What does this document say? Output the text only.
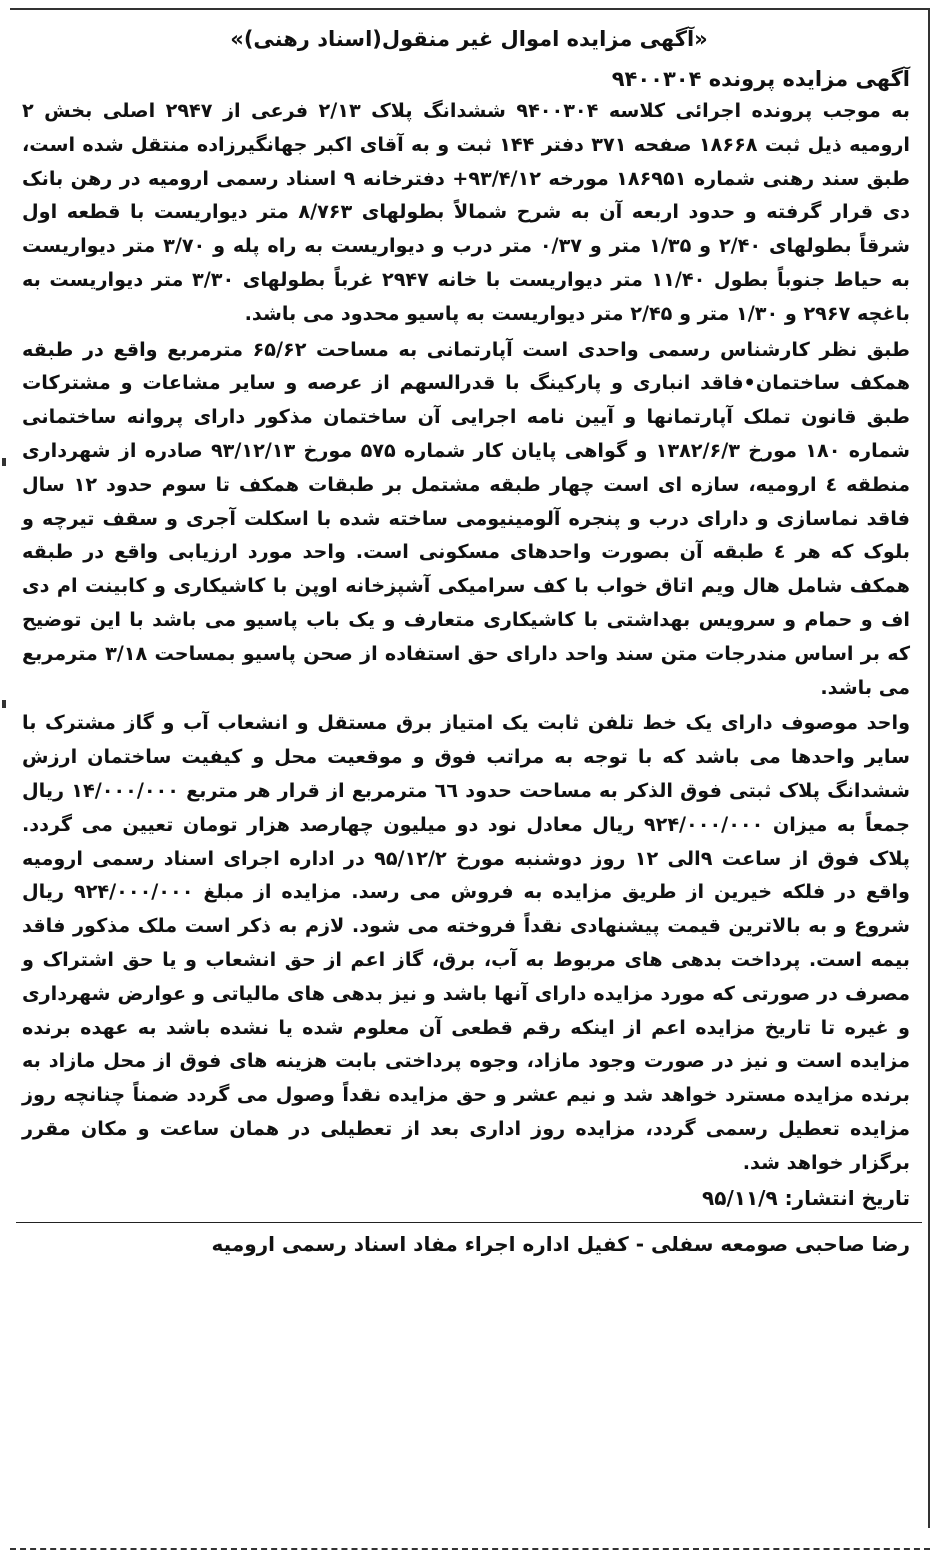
«آگهی مزایده اموال غیر منقول(اسناد رهنی)»
آگهی مزایده پرونده ۹۴۰۰۳۰۴
به موجب پرونده اجرائی کلاسه ۹۴۰۰۳۰۴ ششدانگ پلاک ۲/۱۳ فرعی از ۲۹۴۷ اصلی بخش ۲ ارومیه ذیل ثبت ۱۸۶۶۸ صفحه ۳۷۱ دفتر ۱۴۴ ثبت و به آقای اکبر جهانگیرزاده منتقل شده است، طبق سند رهنی شماره ۱۸۶۹۵۱ مورخه ۹۳/۴/۱۲+ دفترخانه ۹ اسناد رسمی ارومیه در رهن بانک دی قرار گرفته و حدود اربعه آن به شرح شمالاً بطولهای ۸/۷۶۳ متر دیواریست با قطعه اول شرقاً بطولهای ۲/۴۰ و ۱/۳۵ متر و ۰/۳۷ متر درب و دیواریست به راه پله و ۳/۷۰ متر دیواریست به حیاط جنوباً بطول ۱۱/۴۰ متر دیواریست با خانه ۲۹۴۷ غرباً بطولهای ۳/۳۰ متر دیواریست به باغچه ۲۹۶۷ و ۱/۳۰ متر و ۲/۴۵ متر دیواریست به پاسیو محدود می باشد.
طبق نظر کارشناس رسمی واحدی است آپارتمانی به مساحت ۶۵/۶۲ مترمربع واقع در طبقه همکف ساختمان•فاقد انباری و پارکینگ با قدرالسهم از عرصه و سایر مشاعات و مشترکات طبق قانون تملک آپارتمانها و آیین نامه اجرایی آن ساختمان مذکور دارای پروانه ساختمانی شماره ۱۸۰ مورخ ۱۳۸۲/۶/۳ و گواهی پایان کار شماره ۵۷۵ مورخ ۹۳/۱۲/۱۳ صادره از شهرداری منطقه ٤ ارومیه، سازه ای است چهار طبقه مشتمل بر طبقات همکف تا سوم حدود ۱۲ سال فاقد نماسازی و دارای درب و پنجره آلومینیومی ساخته شده با اسکلت آجری و سقف تیرچه و بلوک که هر ٤ طبقه آن بصورت واحدهای مسکونی است. واحد مورد ارزیابی واقع در طبقه همکف شامل هال ویم اتاق خواب با کف سرامیکی آشپزخانه اوپن با کاشیکاری و کابینت ام دی اف و حمام و سرویس بهداشتی با کاشیکاری متعارف و یک باب پاسیو می باشد با این توضیح که بر اساس مندرجات متن سند واحد دارای حق استفاده از صحن پاسیو بمساحت ۳/۱۸ مترمربع می باشد.
واحد موصوف دارای یک خط تلفن ثابت یک امتیاز برق مستقل و انشعاب آب و گاز مشترک با سایر واحدها می باشد که با توجه به مراتب فوق و موقعیت محل و کیفیت ساختمان ارزش ششدانگ پلاک ثبتی فوق الذکر به مساحت حدود ٦٦ مترمربع از قرار هر متربع ۱۴/۰۰۰/۰۰۰ ریال جمعاً به میزان ۹۲۴/۰۰۰/۰۰۰ ریال معادل نود دو میلیون چهارصد هزار تومان تعیین می گردد. پلاک فوق از ساعت ۹الی ۱۲ روز دوشنبه مورخ ۹۵/۱۲/۲ در اداره اجرای اسناد رسمی ارومیه واقع در فلکه خیرین از طریق مزایده به فروش می رسد. مزایده از مبلغ ۹۲۴/۰۰۰/۰۰۰ ریال شروع و به بالاترین قیمت پیشنهادی نقداً فروخته می شود. لازم به ذکر است ملک مذکور فاقد بیمه است. پرداخت بدهی های مربوط به آب، برق، گاز اعم از حق انشعاب و یا حق اشتراک و مصرف در صورتی که مورد مزایده دارای آنها باشد و نیز بدهی های مالیاتی و عوارض شهرداری و غیره تا تاریخ مزایده اعم از اینکه رقم قطعی آن معلوم شده یا نشده باشد به عهده برنده مزایده است و نیز در صورت وجود مازاد، وجوه پرداختی بابت هزینه های فوق از محل مازاد به برنده مزایده مسترد خواهد شد و نیم عشر و حق مزایده نقداً وصول می گردد ضمناً چنانچه روز مزایده تعطیل رسمی گردد، مزایده روز اداری بعد از تعطیلی در همان ساعت و مکان مقرر برگزار خواهد شد.
تاریخ انتشار: ۹۵/۱۱/۹
رضا صاحبی صومعه سفلی - کفیل اداره اجراء مفاد اسناد رسمی ارومیه
